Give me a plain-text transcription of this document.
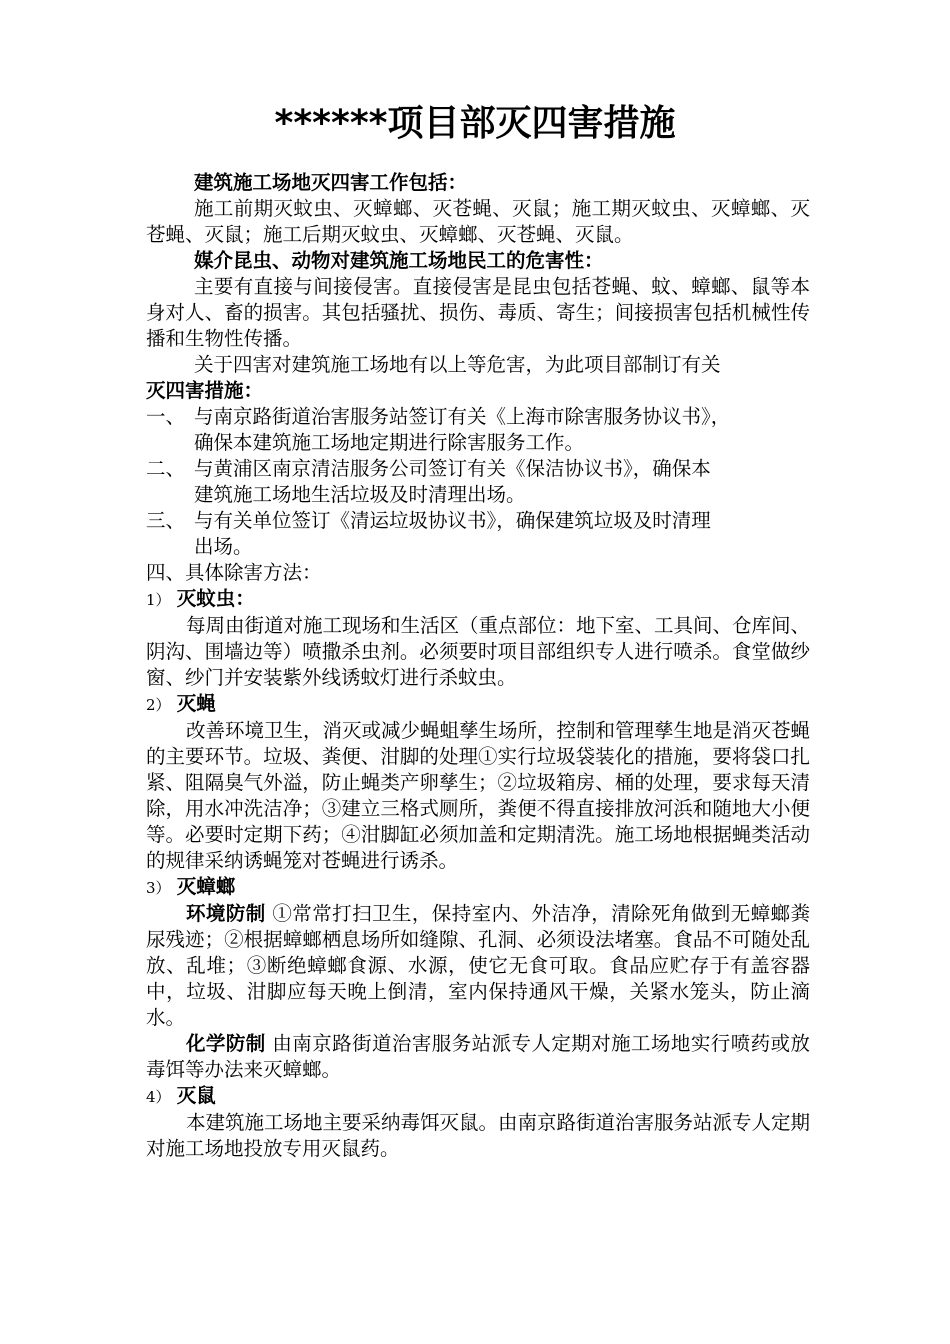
******项目部灭四害措施

建筑施工场地灭四害工作包括：

施工前期灭蚊虫、灭蟑螂、灭苍蝇、灭鼠；施工期灭蚊虫、灭蟑螂、灭苍蝇、灭鼠；施工后期灭蚊虫、灭蟑螂、灭苍蝇、灭鼠。

媒介昆虫、动物对建筑施工场地民工的危害性：

主要有直接与间接侵害。直接侵害是昆虫包括苍蝇、蚊、蟑螂、鼠等本身对人、畜的损害。其包括骚扰、损伤、毒质、寄生；间接损害包括机械性传播和生物性传播。

关于四害对建筑施工场地有以上等危害，为此项目部制订有关
灭四害措施：

一、 与南京路街道治害服务站签订有关《上海市除害服务协议书》，
确保本建筑施工场地定期进行除害服务工作。
二、 与黄浦区南京清洁服务公司签订有关《保洁协议书》，确保本
建筑施工场地生活垃圾及时清理出场。
三、 与有关单位签订《清运垃圾协议书》，确保建筑垃圾及时清理
出场。

四、具体除害方法：

1） 灭蚊虫：

每周由街道对施工现场和生活区（重点部位：地下室、工具间、仓库间、阴沟、围墙边等）喷撒杀虫剂。必须要时项目部组织专人进行喷杀。食堂做纱窗、纱门并安装紫外线诱蚊灯进行杀蚊虫。

2） 灭蝇

改善环境卫生，消灭或减少蝇蛆孳生场所，控制和管理孳生地是消灭苍蝇的主要环节。垃圾、粪便、泔脚的处理①实行垃圾袋装化的措施，要将袋口扎紧、阻隔臭气外溢，防止蝇类产卵孳生；②垃圾箱房、桶的处理，要求每天清除，用水冲洗洁净；③建立三格式厕所，粪便不得直接排放河浜和随地大小便等。必要时定期下药；④泔脚缸必须加盖和定期清洗。施工场地根据蝇类活动的规律采纳诱蝇笼对苍蝇进行诱杀。

3） 灭蟑螂

环境防制 ①常常打扫卫生，保持室内、外洁净，清除死角做到无蟑螂粪尿残迹；②根据蟑螂栖息场所如缝隙、孔洞、必须设法堵塞。食品不可随处乱放、乱堆；③断绝蟑螂食源、水源，使它无食可取。食品应贮存于有盖容器中，垃圾、泔脚应每天晚上倒清，室内保持通风干燥，关紧水笼头，防止滴水。

化学防制 由南京路街道治害服务站派专人定期对施工场地实行喷药或放毒饵等办法来灭蟑螂。

4） 灭鼠

本建筑施工场地主要采纳毒饵灭鼠。由南京路街道治害服务站派专人定期对施工场地投放专用灭鼠药。
